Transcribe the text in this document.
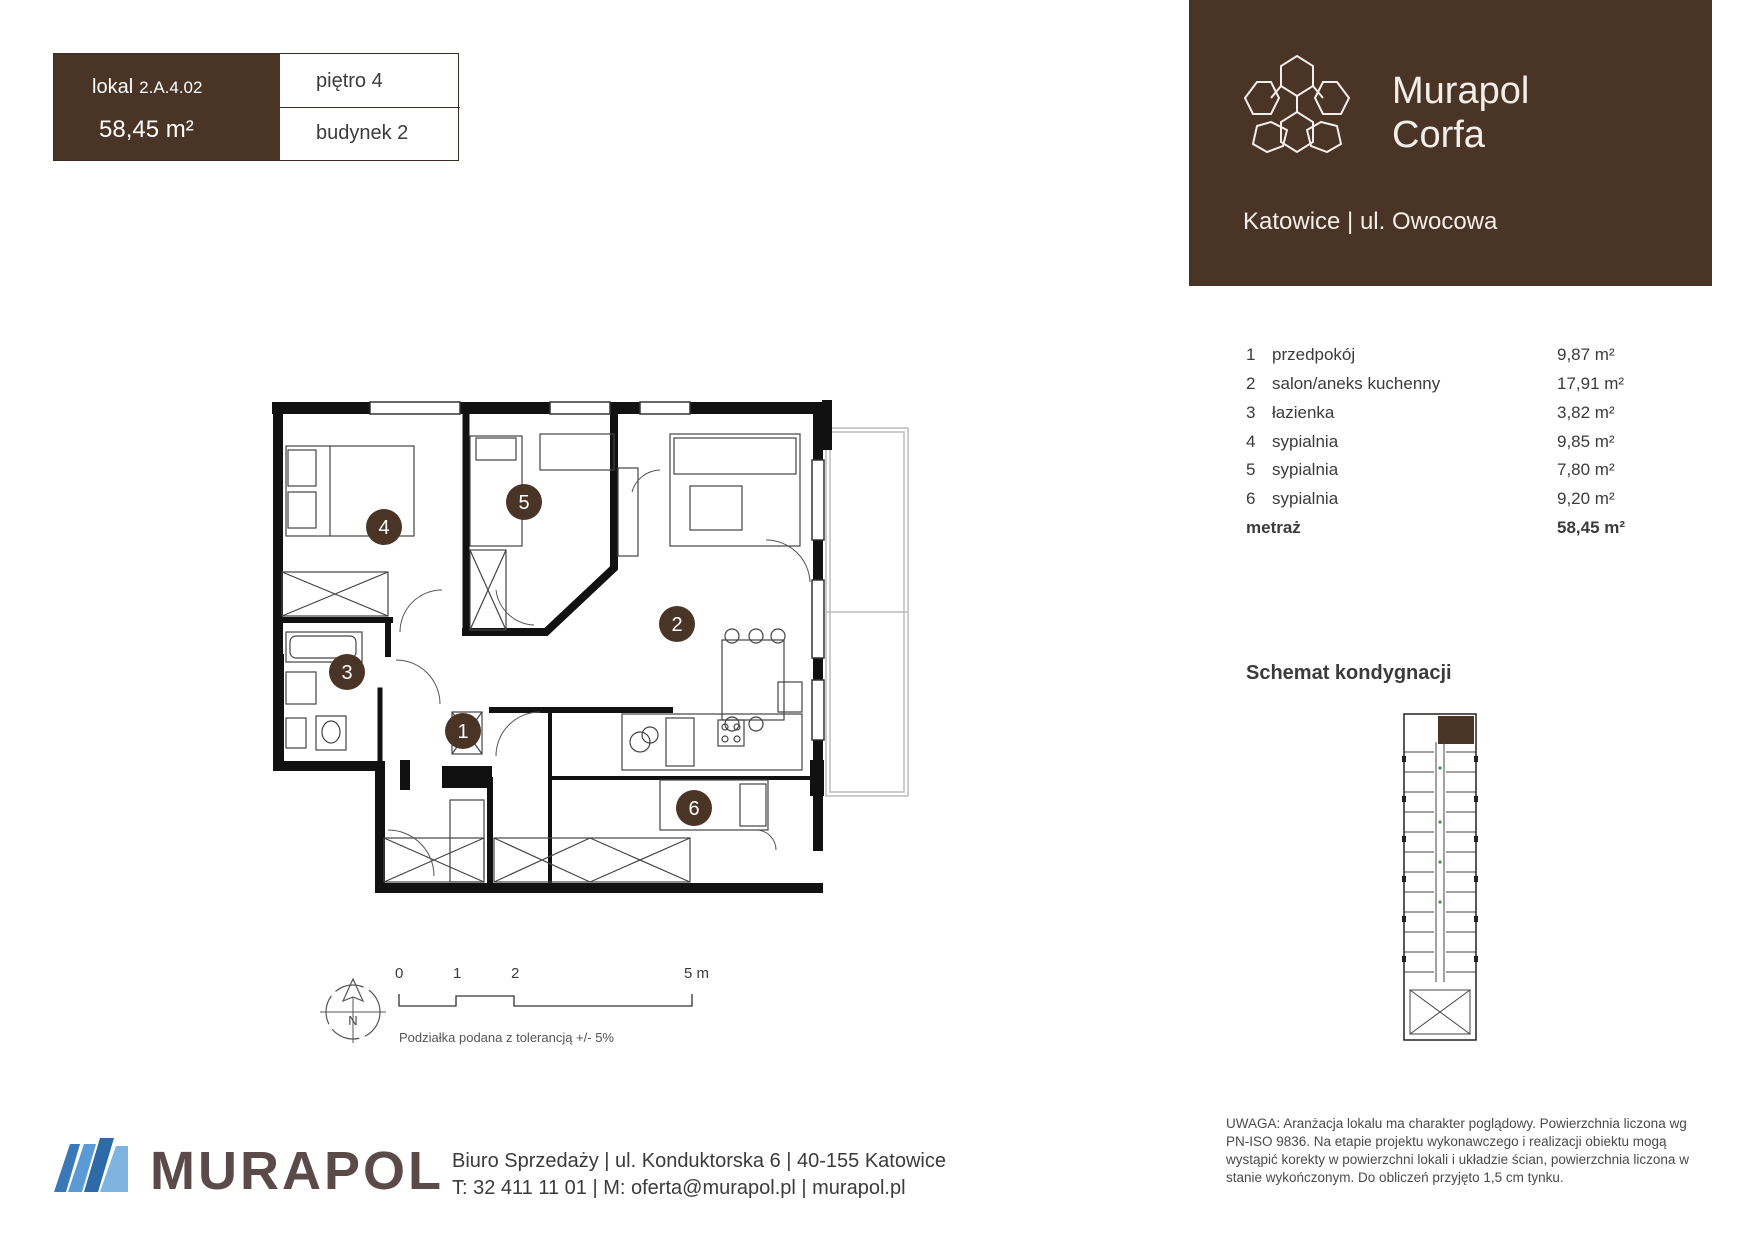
lokal 2.A.4.02
58,45 m²
piętro 4
budynek 2
Murapol
Corfa
Katowice | ul. Owocowa
1 przedpokój	9,87 m²
2 salon/aneks kuchenny	17,91 m²
3 łazienka	3,82 m²
4 sypialnia	9,85 m²
5 sypialnia	7,80 m²
6 sypialnia	9,20 m²
metraż	58,45 m²
Schemat kondygnacji
1
2
3
4
5
6
N
0	1	2	5 m
Podziałka podana z tolerancją +/- 5%
MURAPOL Biuro Sprzedaży | ul. Konduktorska 6 | 40-155 Katowice
T: 32 411 11 01 | M: oferta@murapol.pl | murapol.pl
UWAGA: Aranżacja lokalu ma charakter poglądowy. Powierzchnia liczona wg PN-ISO 9836. Na etapie projektu wykonawczego i realizacji obiektu mogą wystąpić korekty w powierzchni lokali i układzie ścian, powierzchnia liczona w stanie wykończonym. Do obliczeń przyjęto 1,5 cm tynku.
